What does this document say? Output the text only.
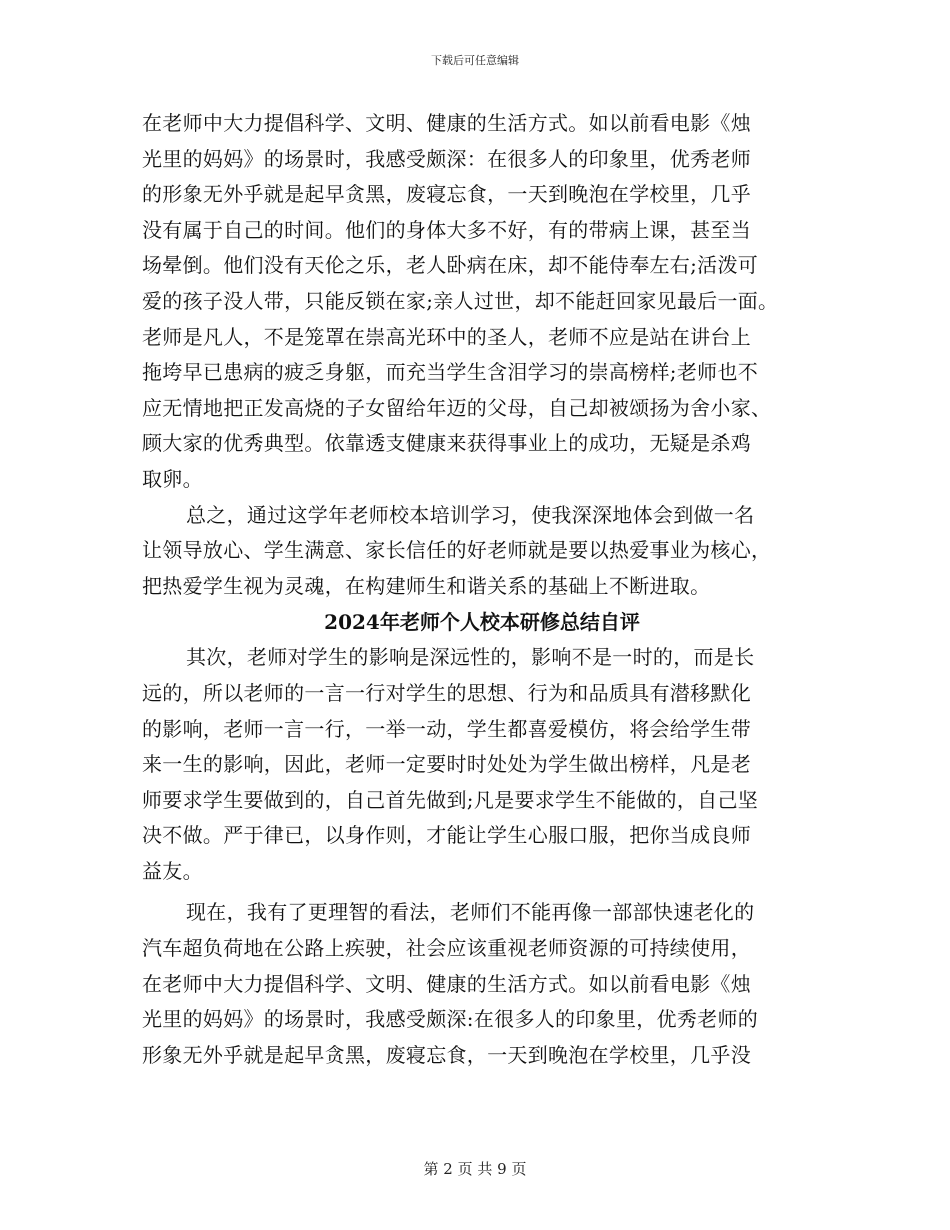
下载后可任意编辑
在老师中大力提倡科学、文明、健康的生活方式。如以前看电影《烛
光里的妈妈》的场景时，我感受颇深：在很多人的印象里，优秀老师
的形象无外乎就是起早贪黑，废寝忘食，一天到晚泡在学校里，几乎
没有属于自己的时间。他们的身体大多不好，有的带病上课，甚至当
场晕倒。他们没有天伦之乐，老人卧病在床，却不能侍奉左右;活泼可
爱的孩子没人带，只能反锁在家;亲人过世，却不能赶回家见最后一面。
老师是凡人，不是笼罩在崇高光环中的圣人，老师不应是站在讲台上
拖垮早已患病的疲乏身躯，而充当学生含泪学习的崇高榜样;老师也不
应无情地把正发高烧的子女留给年迈的父母，自己却被颂扬为舍小家、
顾大家的优秀典型。依靠透支健康来获得事业上的成功，无疑是杀鸡
取卵。
总之，通过这学年老师校本培训学习，使我深深地体会到做一名
让领导放心、学生满意、家长信任的好老师就是要以热爱事业为核心，
把热爱学生视为灵魂，在构建师生和谐关系的基础上不断进取。
2024年老师个人校本研修总结自评
其次，老师对学生的影响是深远性的，影响不是一时的，而是长
远的，所以老师的一言一行对学生的思想、行为和品质具有潜移默化
的影响，老师一言一行，一举一动，学生都喜爱模仿，将会给学生带
来一生的影响，因此，老师一定要时时处处为学生做出榜样，凡是老
师要求学生要做到的，自己首先做到;凡是要求学生不能做的，自己坚
决不做。严于律已，以身作则，才能让学生心服口服，把你当成良师
益友。
现在，我有了更理智的看法，老师们不能再像一部部快速老化的
汽车超负荷地在公路上疾驶，社会应该重视老师资源的可持续使用，
在老师中大力提倡科学、文明、健康的生活方式。如以前看电影《烛
光里的妈妈》的场景时，我感受颇深:在很多人的印象里，优秀老师的
形象无外乎就是起早贪黑，废寝忘食，一天到晚泡在学校里，几乎没
第 2 页 共 9 页
